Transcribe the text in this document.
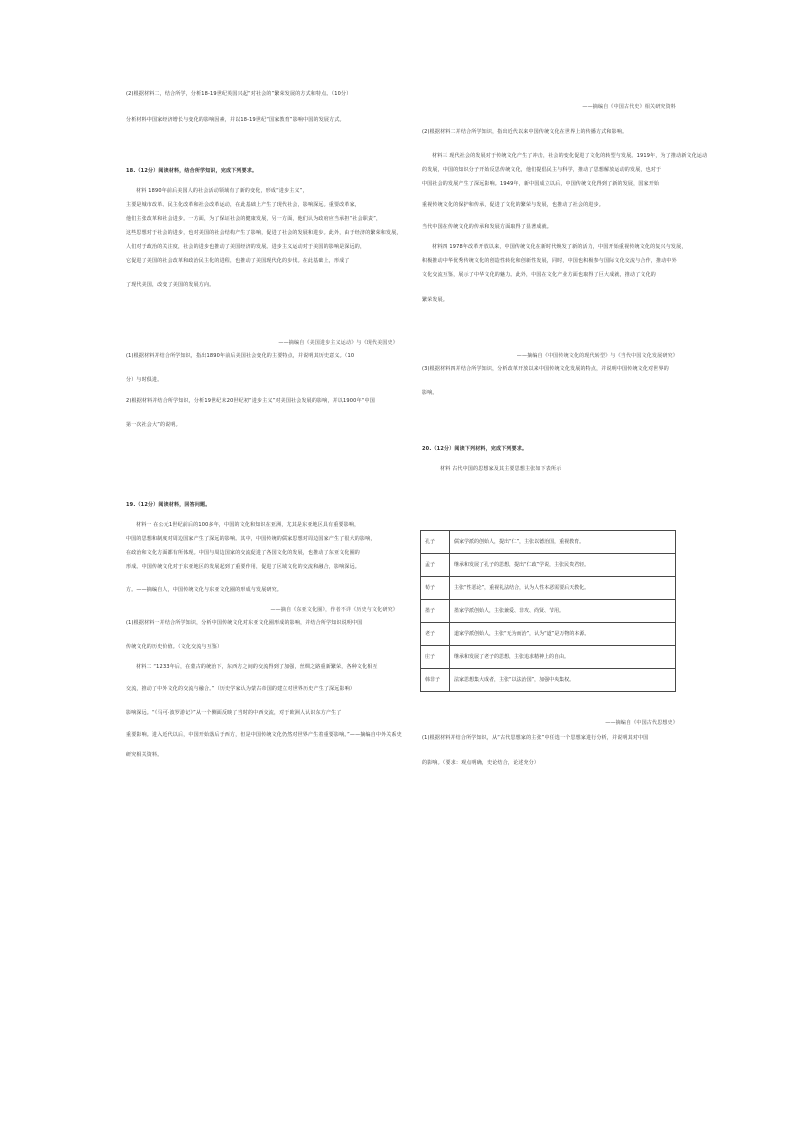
(2)根据材料二，结合所学，分析18-19世纪英国兴起“对社会的”繁荣发展的方式和特点。（10分）
分析材料中国家经济增长与变化的影响因素，并以18-19世纪“国家教育”影响中国的发展方式。
18.（12分）阅读材料，结合所学知识，完成下列要求。
材料 1890年前后美国人的社会活动领域有了新的变化，形成“进步主义”，
主要是城市改革、民主化改革和社会改革运动，在此基础上产生了现代社会，影响深远。重要改革家，
他们主张改革和社会进步。一方面，为了保证社会的健康发展，另一方面，他们认为政府应当承担“社会职责”，
这些思想对于社会的进步，也对美国的社会结构产生了影响，促进了社会的发展和进步。此外，由于经济的繁荣和发展，
人们对于政治的关注度，社会的进步也推动了美国经济的发展。进步主义运动对于美国的影响是深远的，
它促进了美国的社会改革和政治民主化的进程，也推动了美国现代化的步伐。在此基础上，形成了
了现代美国，改变了美国的发展方向。
——摘编自《美国进步主义运动》与《现代美国史》
(1)根据材料并结合所学知识，指出1890年前后美国社会变化的主要特点，并说明其历史意义。（10
分）与时俱进。
2)根据材料并结合所学知识，分析19世纪末20世纪初“进步主义”对美国社会发展的影响，并以1900年“中国
第一次社会大”的说明。
19.（12分）阅读材料，回答问题。
材料一 在公元1世纪前后的100多年，中国的文化和知识在亚洲，尤其是东亚地区具有重要影响，
中国的思想和制度对周边国家产生了深远的影响。其中，中国传统的儒家思想对周边国家产生了很大的影响，
在政治和文化方面都有所体现。中国与周边国家的交流促进了各国文化的发展，也推动了东亚文化圈的
形成。中国传统文化对于东亚地区的发展起到了重要作用，促进了区域文化的交流和融合，影响深远。
方。——摘编自人，中国传统文化与东亚文化圈的形成与发展研究。
——摘自《东亚文化圈》，作者不详《历史与文化研究》
(1)根据材料一并结合所学知识，分析中国传统文化对东亚文化圈形成的影响，并结合所学知识说明中国
传统文化的历史价值。（文化交流与互鉴）
材料二 “1233年后，在蒙古的统治下，东西方之间的交流得到了加强，丝绸之路重新繁荣，各种文化相互
交流，推动了中外文化的交流与融合。”（历史学家认为蒙古帝国的建立对世界历史产生了深远影响）
影响深远。“《马可·波罗游记》”从一个侧面反映了当时的中西交流，对于欧洲人认识东方产生了
重要影响。进入近代以后，中国开始落后于西方，但是中国传统文化仍然对世界产生着重要影响。”——摘编自中外关系史
研究相关资料。
——摘编自《中国古代史》相关研究资料
(2)根据材料二并结合所学知识，指出近代以来中国传统文化在世界上的传播方式和影响。
材料三 现代社会的发展对于传统文化产生了冲击，社会的变化促进了文化的转型与发展。1919年，为了推动新文化运动
的发展，中国的知识分子开始反思传统文化，他们提倡民主与科学，推动了思想解放运动的发展，也对于
中国社会的发展产生了深远影响。1949年，新中国成立以后，中国传统文化得到了新的发展，国家开始
重视传统文化的保护和传承，促进了文化的繁荣与发展，也推动了社会的进步。
当代中国在传统文化的传承和发展方面取得了显著成就。
材料四 1978年改革开放以来，中国传统文化在新时代焕发了新的活力，中国开始重视传统文化的复兴与发展，
积极推动中华优秀传统文化的创造性转化和创新性发展，同时，中国也积极参与国际文化交流与合作，推动中外
文化交流互鉴，展示了中华文化的魅力。此外，中国在文化产业方面也取得了巨大成就，推动了文化的
繁荣发展。
——摘编自《中国传统文化的现代转型》与《当代中国文化发展研究》
(3)根据材料四并结合所学知识，分析改革开放以来中国传统文化发展的特点，并说明中国传统文化对世界的
影响。
20.（12分）阅读下列材料，完成下列要求。
材料 古代中国的思想家及其主要思想主张如下表所示
孔子	儒家学派的创始人，提出“仁”，主张以德治国，重视教育。
孟子	继承和发展了孔子的思想，提出“仁政”学说，主张民贵君轻。
荀子	主张“性恶论”，重视礼法结合，认为人性本恶需要后天教化。
墨子	墨家学派创始人，主张兼爱、非攻、尚贤、节用。
老子	道家学派创始人，主张“无为而治”，认为“道”是万物的本源。
庄子	继承和发展了老子的思想，主张追求精神上的自由。
韩非子	法家思想集大成者，主张“以法治国”，加强中央集权。
——摘编自《中国古代思想史》
(1)根据材料并结合所学知识，从“古代思想家的主张”中任选一个思想家进行分析，并说明其对中国
的影响。（要求：观点明确，史论结合，论述充分）
